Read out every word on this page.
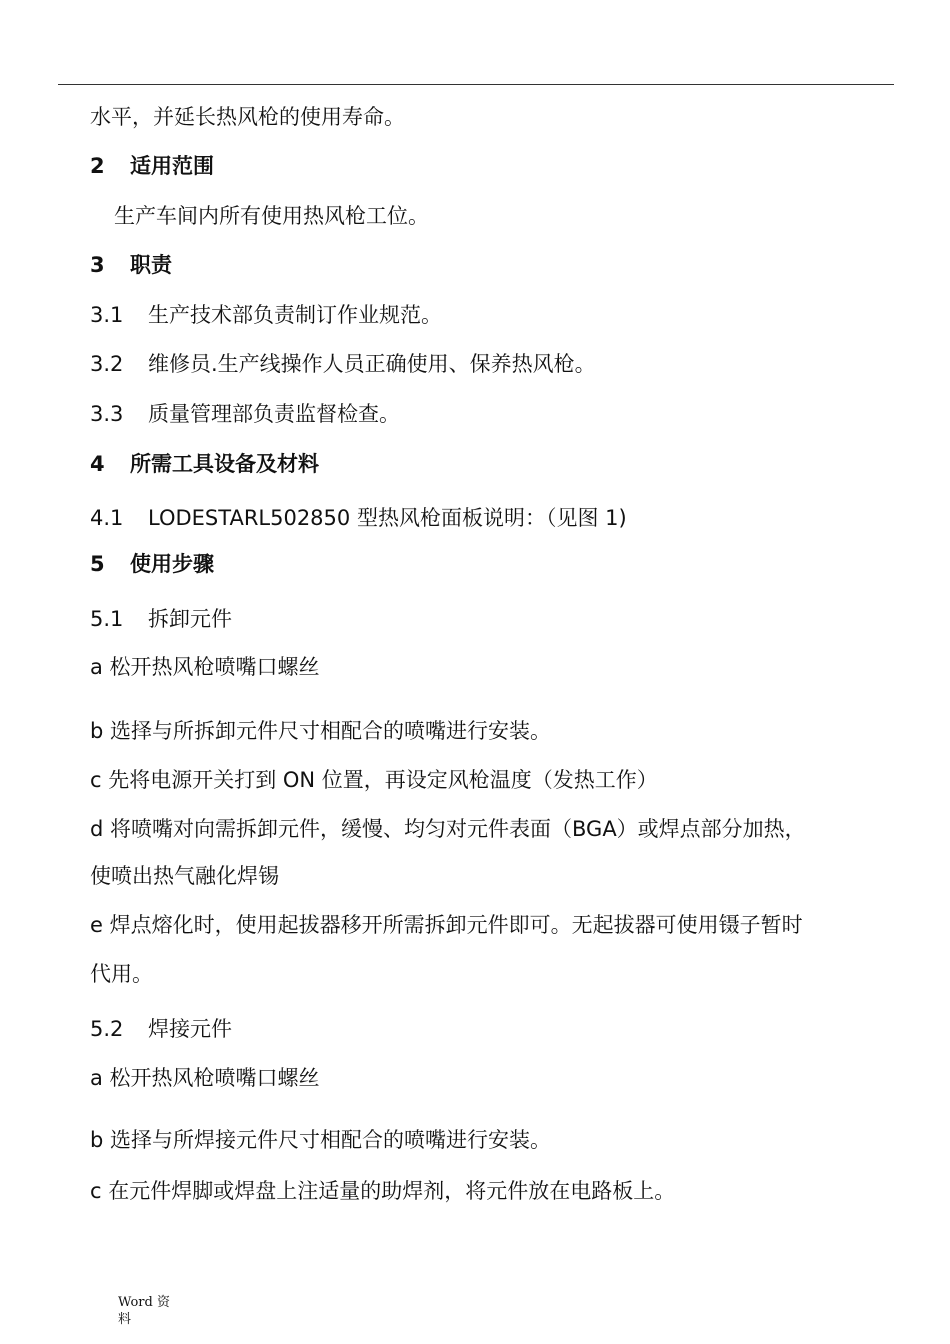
水平，并延长热风枪的使用寿命。
2 适用范围
生产车间内所有使用热风枪工位。
3 职责
3.1 生产技术部负责制订作业规范。
3.2 维修员.生产线操作人员正确使用、保养热风枪。
3.3 质量管理部负责监督检查。
4 所需工具设备及材料
4.1 LODESTARL502850 型热风枪面板说明：（见图 1)
5 使用步骤
5.1 拆卸元件
a 松开热风枪喷嘴口螺丝
b 选择与所拆卸元件尺寸相配合的喷嘴进行安装。
c 先将电源开关打到 ON 位置，再设定风枪温度（发热工作）
d 将喷嘴对向需拆卸元件，缓慢、均匀对元件表面（BGA）或焊点部分加热，
使喷出热气融化焊锡
e 焊点熔化时，使用起拔器移开所需拆卸元件即可。无起拔器可使用镊子暂时
代用。
5.2 焊接元件
a 松开热风枪喷嘴口螺丝
b 选择与所焊接元件尺寸相配合的喷嘴进行安装。
c 在元件焊脚或焊盘上注适量的助焊剂，将元件放在电路板上。
Word 资料
